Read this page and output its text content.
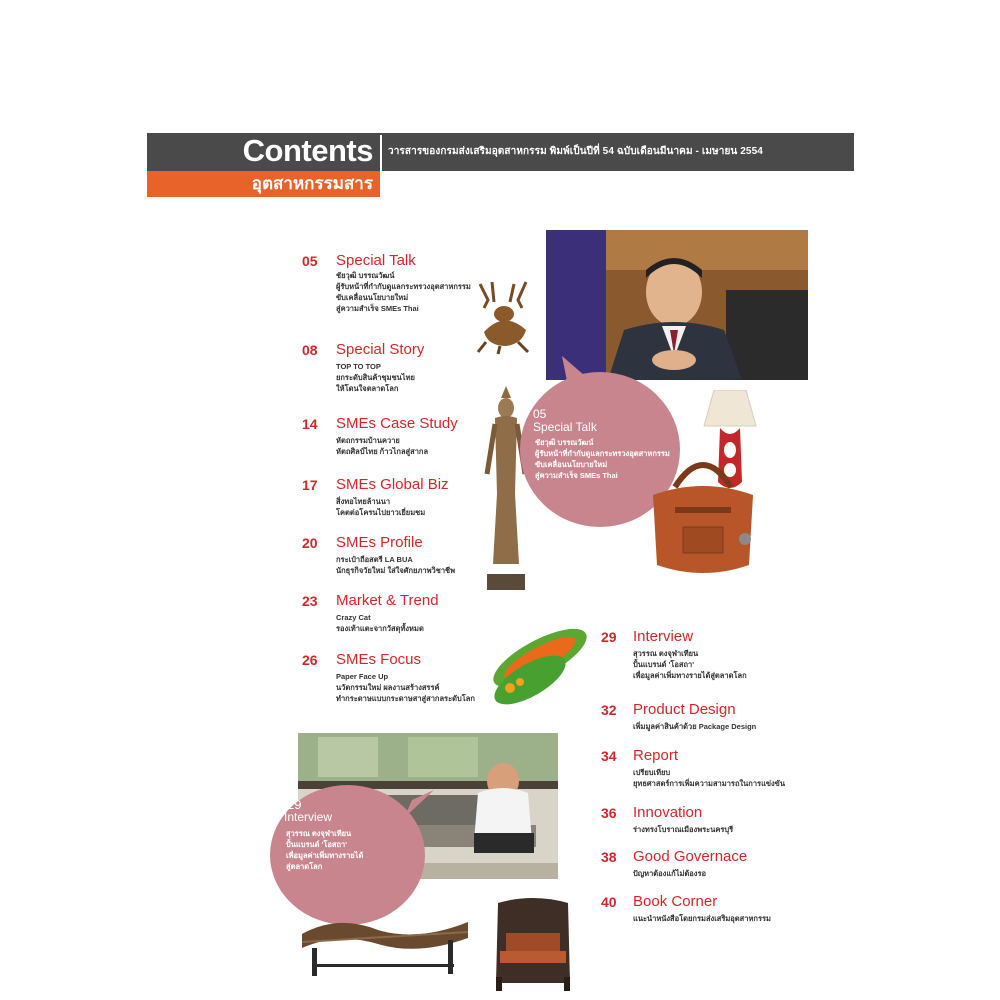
Contents
อุตสาหกรรมสาร
วารสารของกรมส่งเสริมอุตสาหกรรม พิมพ์เป็นปีที่ 54 ฉบับเดือนมีนาคม - เมษายน 2554
05 Special Talk
ชัยวุฒิ บรรณวัฒน์
ผู้รับหน้าที่กำกับดูแลกระทรวงอุตสาหกรรม
ขับเคลื่อนนโยบายใหม่
สู่ความสำเร็จ SMEs Thai
08 Special Story
TOP TO TOP
ยกระดับสินค้าชุมชนไทย
ให้โดนใจตลาดโลก
14 SMEs Case Study
หัตถกรรมบ้านควาย
หัตถศิลป์ไทย ก้าวไกลสู่สากล
17 SMEs Global Biz
สิ่งทอไทยล้านนา
โคตต่อโครนไปยาวเยี่ยมชม
20 SMEs Profile
กระเป๋าถือสตรี LA BUA
นักธุรกิจวัยใหม่ ใส่ใจศักยภาพวิชาชีพ
23 Market & Trend
Crazy Cat
รองเท้าแตะจากวัสดุทั้งหมด
26 SMEs Focus
Paper Face Up
นวัตกรรมใหม่ ผลงานสร้างสรรค์
ทำกระดาษแบบกระดาษสาสู่สากลระดับโลก
29 Interview
สุวรรณ ตงจุฬาเทียน
ปั้นแบรนด์ 'โอสถา'
เพื่อมูลค่าเพิ่มทางรายได้สู่ตลาดโลก
32 Product Design
เพิ่มมูลค่าสินค้าด้วย Package Design
34 Report
เปรียบเทียบ
ยุทธศาสตร์การเพิ่มความสามารถในการแข่งขัน
36 Innovation
ร่างทรงโบราณเมืองพระนครบุรี
38 Good Governace
ปัญหาต้องแก้ไม่ต้องรอ
40 Book Corner
แนะนำหนังสือโดยกรมส่งเสริมอุตสาหกรรม
05
Special Talk
ชัยวุฒิ บรรณวัฒน์
ผู้รับหน้าที่กำกับดูแลกระทรวงอุตสาหกรรม
ขับเคลื่อนนโยบายใหม่
สู่ความสำเร็จ SMEs Thai
29
Interview
สุวรรณ ตงจุฬาเทียน
ปั้นแบรนด์ 'โอสถา'
เพื่อมูลค่าเพิ่มทางรายได้
สู่ตลาดโลก
